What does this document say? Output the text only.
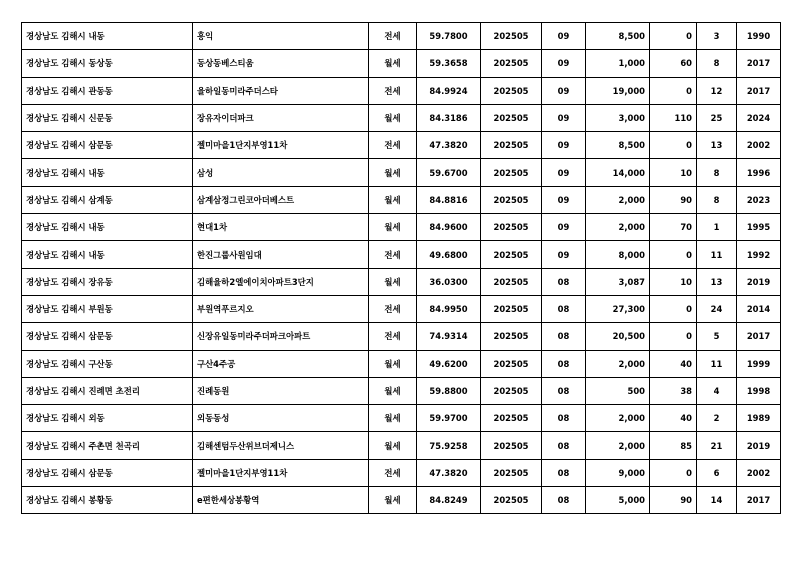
경상남도 김해시 내동	흥익	전세	59.7800	202505	09	8,500	0	3	1990
경상남도 김해시 동상동	동상동베스티움	월세	59.3658	202505	09	1,000	60	8	2017
경상남도 김해시 관동동	율하일동미라주더스타	전세	84.9924	202505	09	19,000	0	12	2017
경상남도 김해시 신문동	장유자이더파크	월세	84.3186	202505	09	3,000	110	25	2024
경상남도 김해시 삼문동	젤미마을1단지부영11차	전세	47.3820	202505	09	8,500	0	13	2002
경상남도 김해시 내동	삼성	월세	59.6700	202505	09	14,000	10	8	1996
경상남도 김해시 삼계동	삼계삼정그린코아더베스트	월세	84.8816	202505	09	2,000	90	8	2023
경상남도 김해시 내동	현대1차	월세	84.9600	202505	09	2,000	70	1	1995
경상남도 김해시 내동	한진그룹사원임대	전세	49.6800	202505	09	8,000	0	11	1992
경상남도 김해시 장유동	김해율하2엘에이치아파트3단지	월세	36.0300	202505	08	3,087	10	13	2019
경상남도 김해시 부원동	부원역푸르지오	전세	84.9950	202505	08	27,300	0	24	2014
경상남도 김해시 삼문동	신장유일동미라주더파크아파트	전세	74.9314	202505	08	20,500	0	5	2017
경상남도 김해시 구산동	구산4주공	월세	49.6200	202505	08	2,000	40	11	1999
경상남도 김해시 진례면 초전리	진례동원	월세	59.8800	202505	08	500	38	4	1998
경상남도 김해시 외동	외동동성	월세	59.9700	202505	08	2,000	40	2	1989
경상남도 김해시 주촌면 천곡리	김해센텀두산위브더제니스	월세	75.9258	202505	08	2,000	85	21	2019
경상남도 김해시 삼문동	젤미마을1단지부영11차	전세	47.3820	202505	08	9,000	0	6	2002
경상남도 김해시 봉황동	e편한세상봉황역	월세	84.8249	202505	08	5,000	90	14	2017
